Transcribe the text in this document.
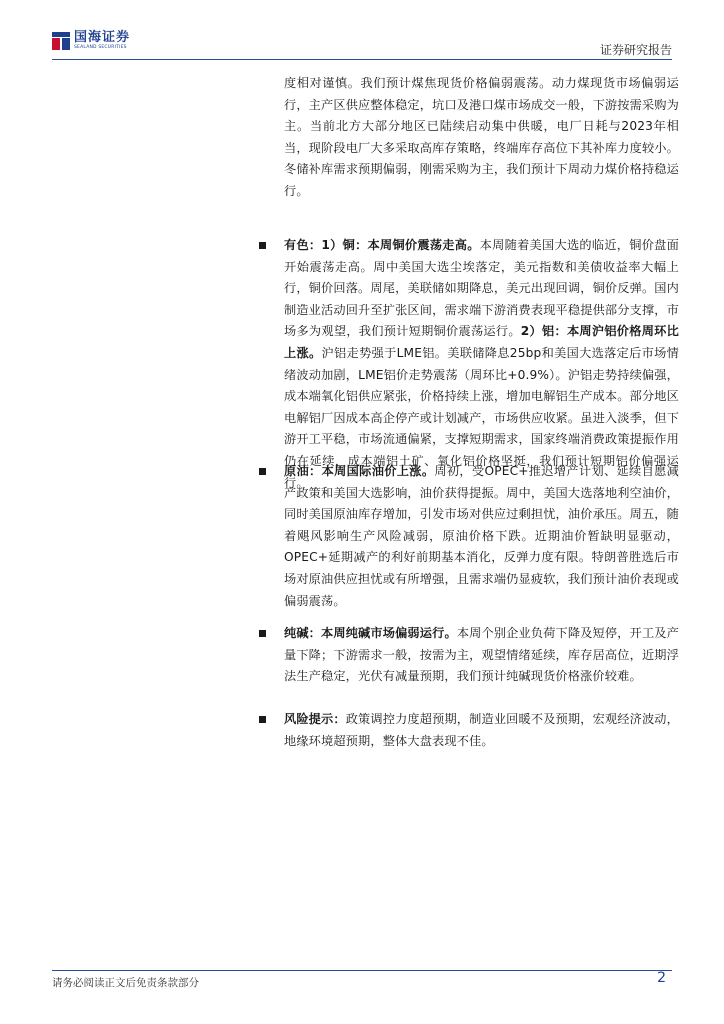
国海证券
SEALAND SECURITIES	证券研究报告

度相对谨慎。我们预计煤焦现货价格偏弱震荡。动力煤现货市场偏弱运行，主产区供应整体稳定，坑口及港口煤市场成交一般，下游按需采购为主。当前北方大部分地区已陆续启动集中供暖，电厂日耗与2023年相当，现阶段电厂大多采取高库存策略，终端库存高位下其补库力度较小。冬储补库需求预期偏弱，刚需采购为主，我们预计下周动力煤价格持稳运行。

有色：1）铜：本周铜价震荡走高。本周随着美国大选的临近，铜价盘面开始震荡走高。周中美国大选尘埃落定，美元指数和美债收益率大幅上行，铜价回落。周尾，美联储如期降息，美元出现回调，铜价反弹。国内制造业活动回升至扩张区间，需求端下游消费表现平稳提供部分支撑，市场多为观望，我们预计短期铜价震荡运行。2）铝：本周沪铝价格周环比上涨。沪铝走势强于LME铝。美联储降息25bp和美国大选落定后市场情绪波动加剧，LME铝价走势震荡（周环比+0.9%）。沪铝走势持续偏强，成本端氧化铝供应紧张，价格持续上涨，增加电解铝生产成本。部分地区电解铝厂因成本高企停产或计划减产，市场供应收紧。虽进入淡季，但下游开工平稳，市场流通偏紧，支撑短期需求，国家终端消费政策提振作用仍在延续，成本端铝土矿、氧化铝价格坚挺，我们预计短期铝价偏强运行。

原油：本周国际油价上涨。周初，受OPEC+推迟增产计划、延续自愿减产政策和美国大选影响，油价获得提振。周中，美国大选落地利空油价，同时美国原油库存增加，引发市场对供应过剩担忧，油价承压。周五，随着飓风影响生产风险减弱，原油价格下跌。近期油价暂缺明显驱动，OPEC+延期减产的利好前期基本消化，反弹力度有限。特朗普胜选后市场对原油供应担忧或有所增强，且需求端仍显疲软，我们预计油价表现或偏弱震荡。

纯碱：本周纯碱市场偏弱运行。本周个别企业负荷下降及短停，开工及产量下降；下游需求一般，按需为主，观望情绪延续，库存居高位，近期浮法生产稳定，光伏有减量预期，我们预计纯碱现货价格涨价较难。

风险提示：政策调控力度超预期，制造业回暖不及预期，宏观经济波动，地缘环境超预期，整体大盘表现不佳。

请务必阅读正文后免责条款部分	2
